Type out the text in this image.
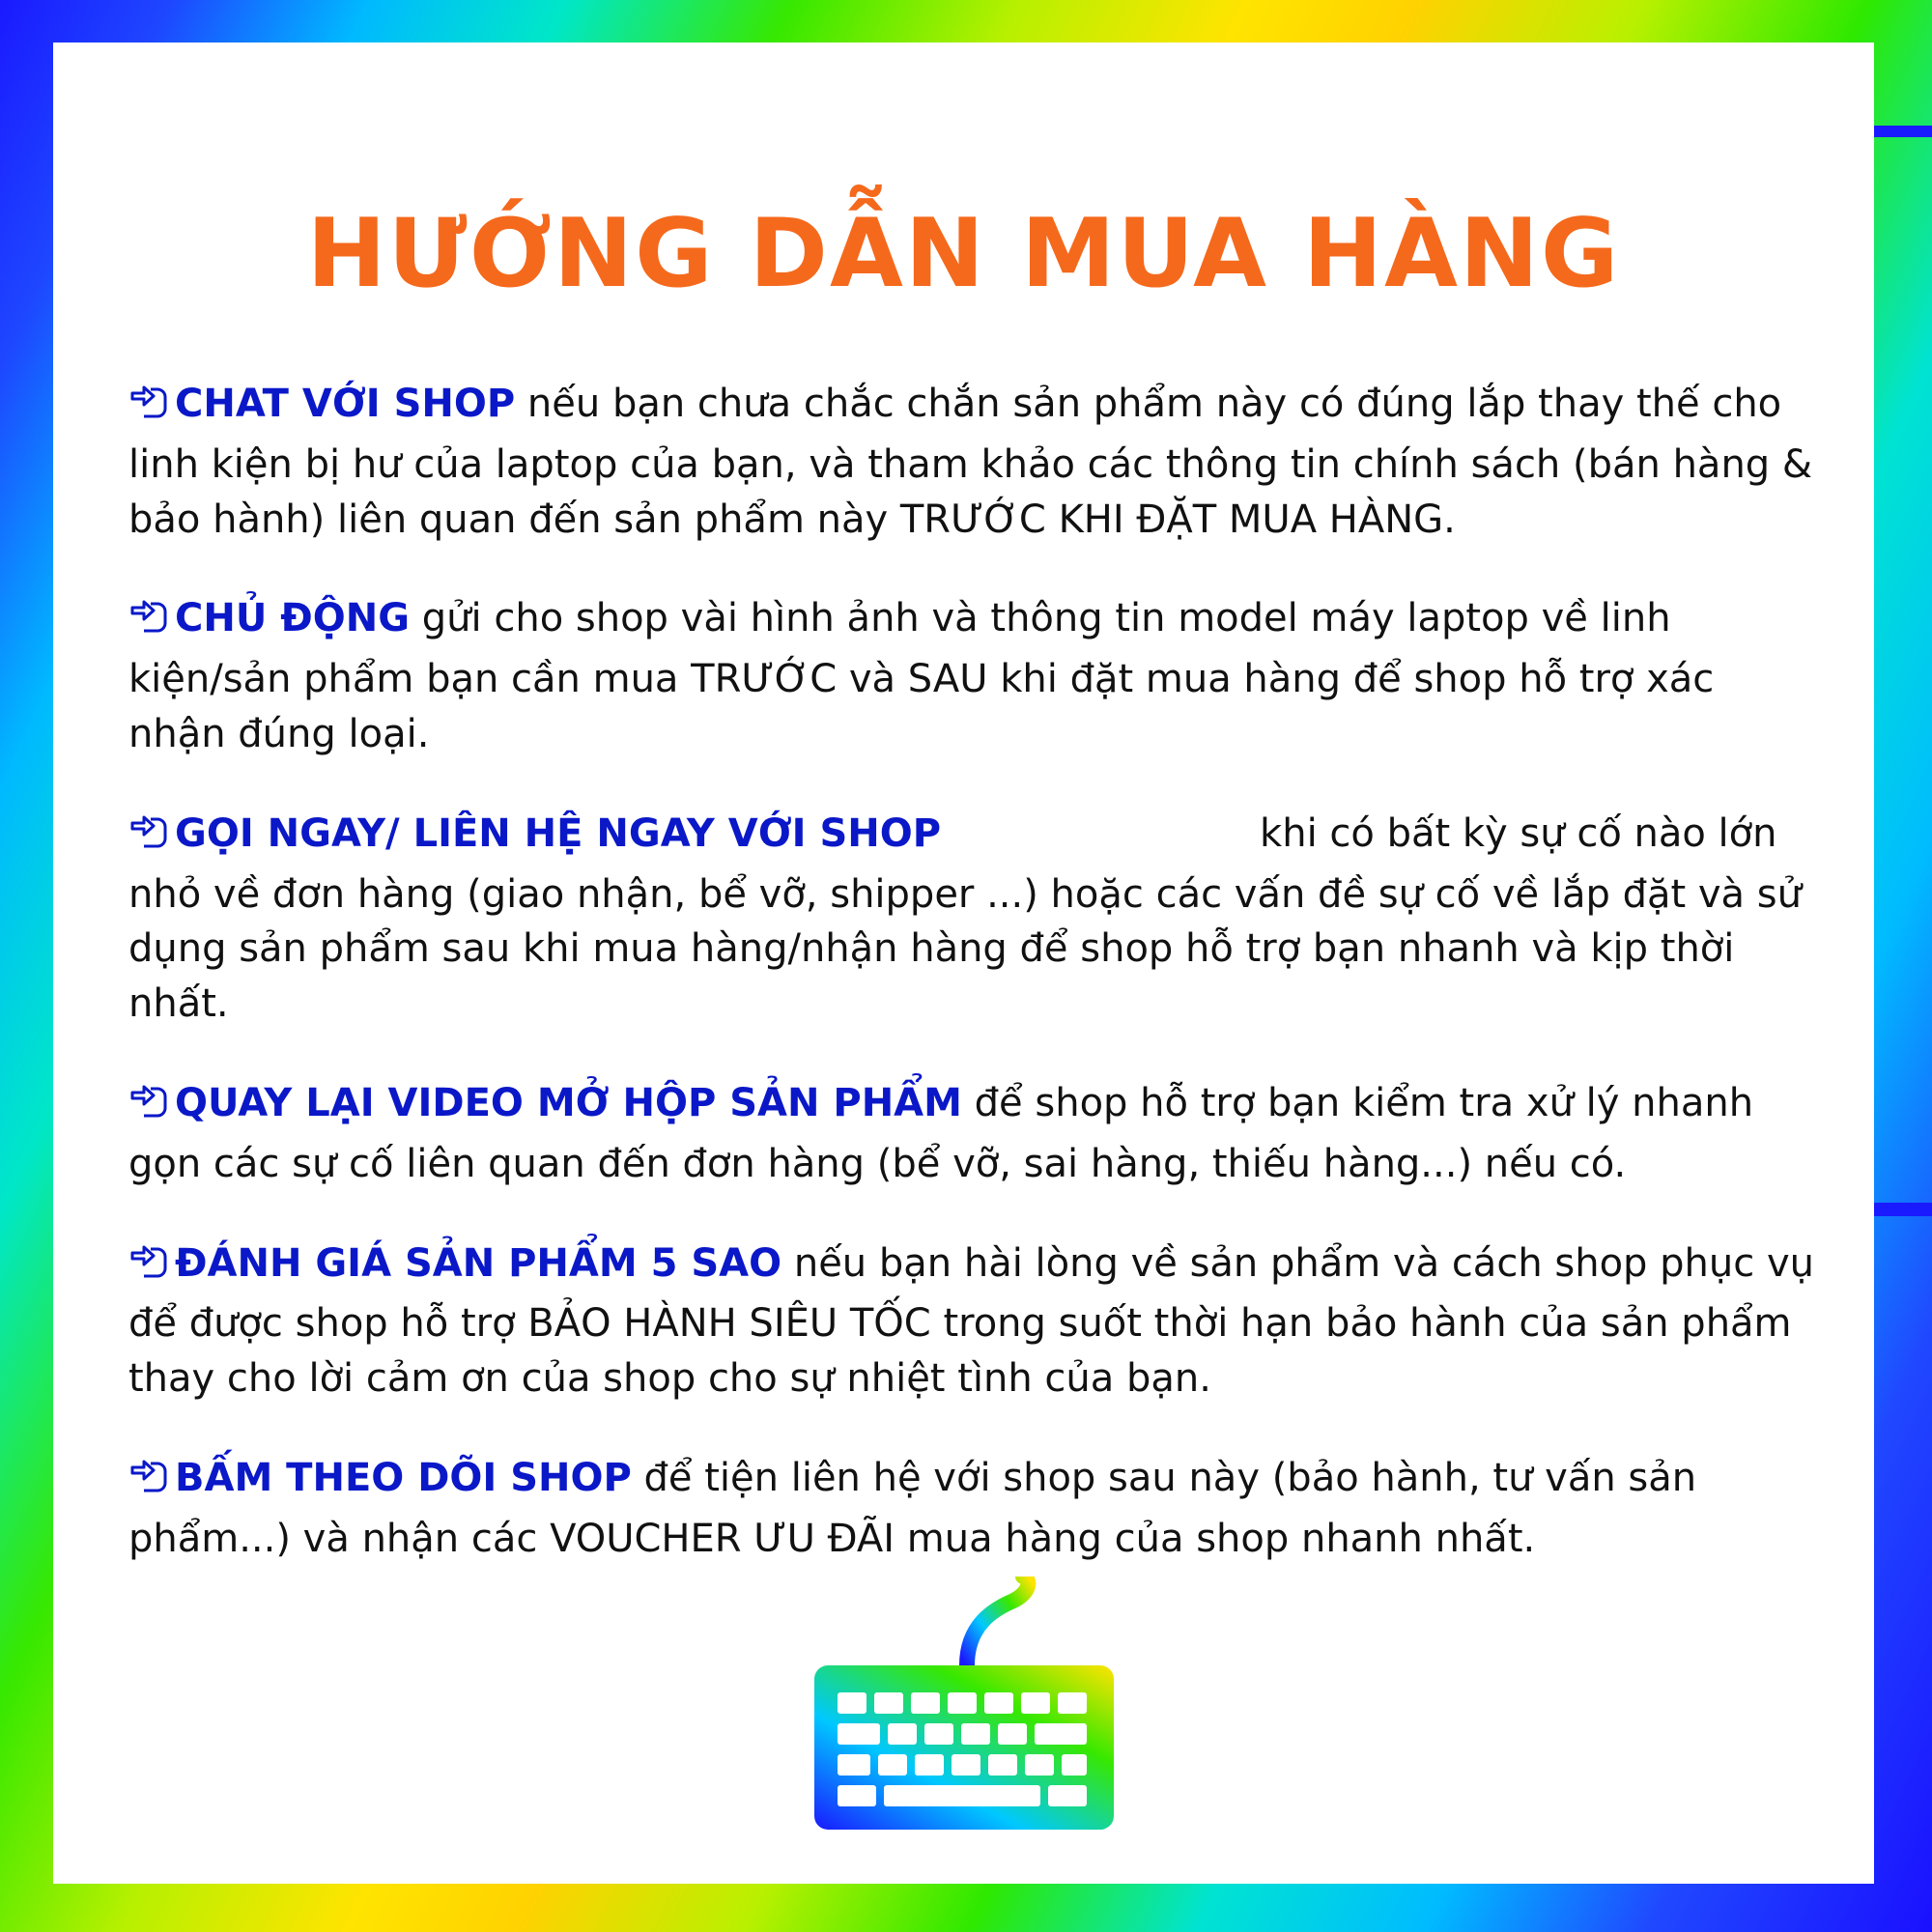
HƯỚNG DẪN MUA HÀNG

CHAT VỚI SHOP nếu bạn chưa chắc chắn sản phẩm này có đúng lắp thay thế cho linh kiện bị hư của laptop của bạn, và tham khảo các thông tin chính sách (bán hàng & bảo hành) liên quan đến sản phẩm này TRƯỚC KHI ĐẶT MUA HÀNG.

CHỦ ĐỘNG gửi cho shop vài hình ảnh và thông tin model máy laptop về linh kiện/sản phẩm bạn cần mua TRƯỚC và SAU khi đặt mua hàng để shop hỗ trợ xác nhận đúng loại.

GỌI NGAY/ LIÊN HỆ NGAY VỚI SHOP	khi có bất kỳ sự cố nào lớn nhỏ về đơn hàng (giao nhận, bể vỡ, shipper ...) hoặc các vấn đề sự cố về lắp đặt và sử dụng sản phẩm sau khi mua hàng/nhận hàng để shop hỗ trợ bạn nhanh và kịp thời nhất.

QUAY LẠI VIDEO MỞ HỘP SẢN PHẨM để shop hỗ trợ bạn kiểm tra xử lý nhanh gọn các sự cố liên quan đến đơn hàng (bể vỡ, sai hàng, thiếu hàng...) nếu có.

ĐÁNH GIÁ SẢN PHẨM 5 SAO nếu bạn hài lòng về sản phẩm và cách shop phục vụ để được shop hỗ trợ BẢO HÀNH SIÊU TỐC trong suốt thời hạn bảo hành của sản phẩm thay cho lời cảm ơn của shop cho sự nhiệt tình của bạn.

BẤM THEO DÕI SHOP để tiện liên hệ với shop sau này (bảo hành, tư vấn sản phẩm...) và nhận các VOUCHER ƯU ĐÃI mua hàng của shop nhanh nhất.
